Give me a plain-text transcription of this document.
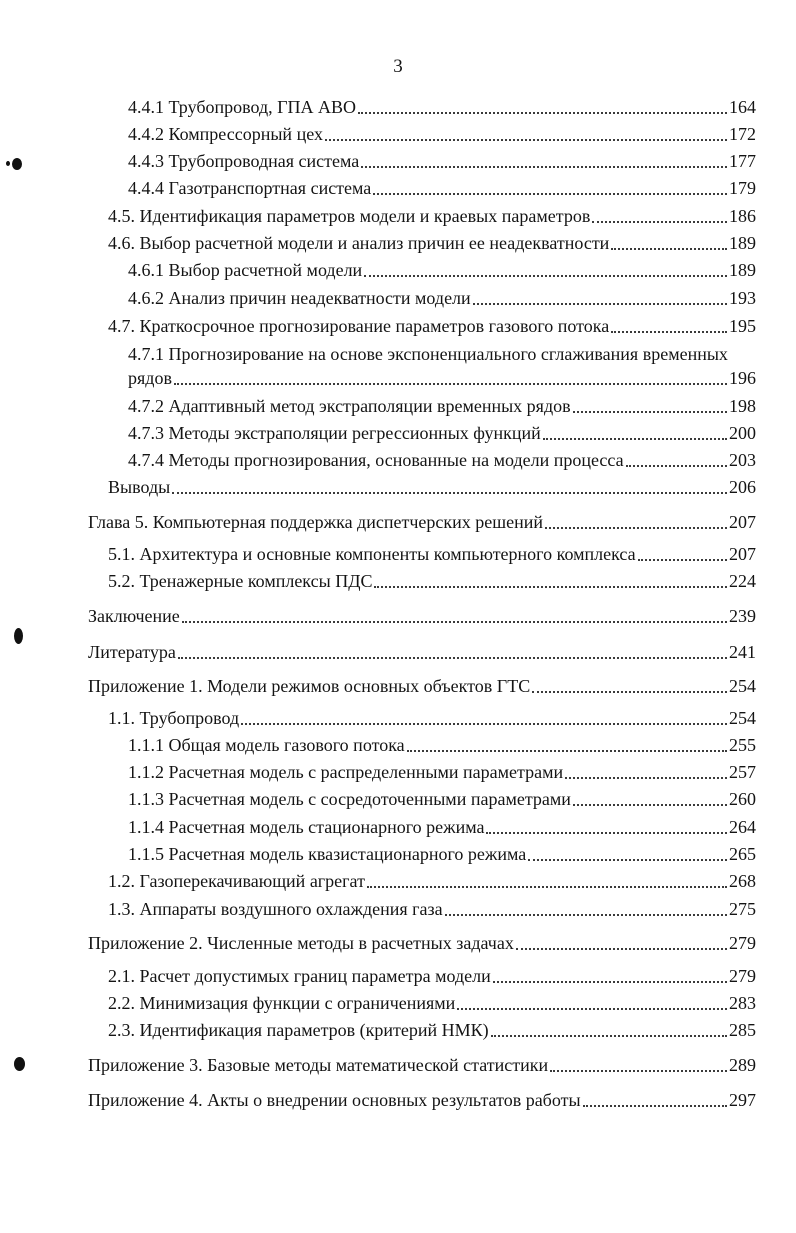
3
4.4.1 Трубопровод, ГПА АВО	164
4.4.2 Компрессорный цех	172
4.4.3 Трубопроводная система	177
4.4.4 Газотранспортная система	179
4.5. Идентификация параметров модели и краевых параметров	186
4.6. Выбор расчетной модели и анализ причин ее неадекватности	189
4.6.1 Выбор расчетной модели	189
4.6.2 Анализ причин неадекватности модели	193
4.7. Краткосрочное прогнозирование параметров газового потока	195
4.7.1 Прогнозирование на основе экспоненциального сглаживания временных
рядов	196
4.7.2 Адаптивный метод экстраполяции временных рядов	198
4.7.3 Методы экстраполяции регрессионных функций	200
4.7.4 Методы прогнозирования, основанные на модели процесса	203
Выводы	206
Глава 5. Компьютерная поддержка диспетчерских решений	207
5.1. Архитектура и основные компоненты компьютерного комплекса	207
5.2. Тренажерные комплексы ПДС	224
Заключение	239
Литература	241
Приложение 1. Модели режимов основных объектов ГТС	254
1.1. Трубопровод	254
1.1.1 Общая модель газового потока	255
1.1.2 Расчетная модель с распределенными параметрами	257
1.1.3 Расчетная модель с сосредоточенными параметрами	260
1.1.4 Расчетная модель стационарного режима	264
1.1.5 Расчетная модель квазистационарного режима	265
1.2. Газоперекачивающий агрегат	268
1.3. Аппараты воздушного охлаждения газа	275
Приложение 2. Численные методы в расчетных задачах	279
2.1. Расчет допустимых границ параметра модели	279
2.2. Минимизация функции с ограничениями	283
2.3. Идентификация параметров (критерий НМК)	285
Приложение 3. Базовые методы математической статистики	289
Приложение 4. Акты о внедрении основных результатов работы	297
